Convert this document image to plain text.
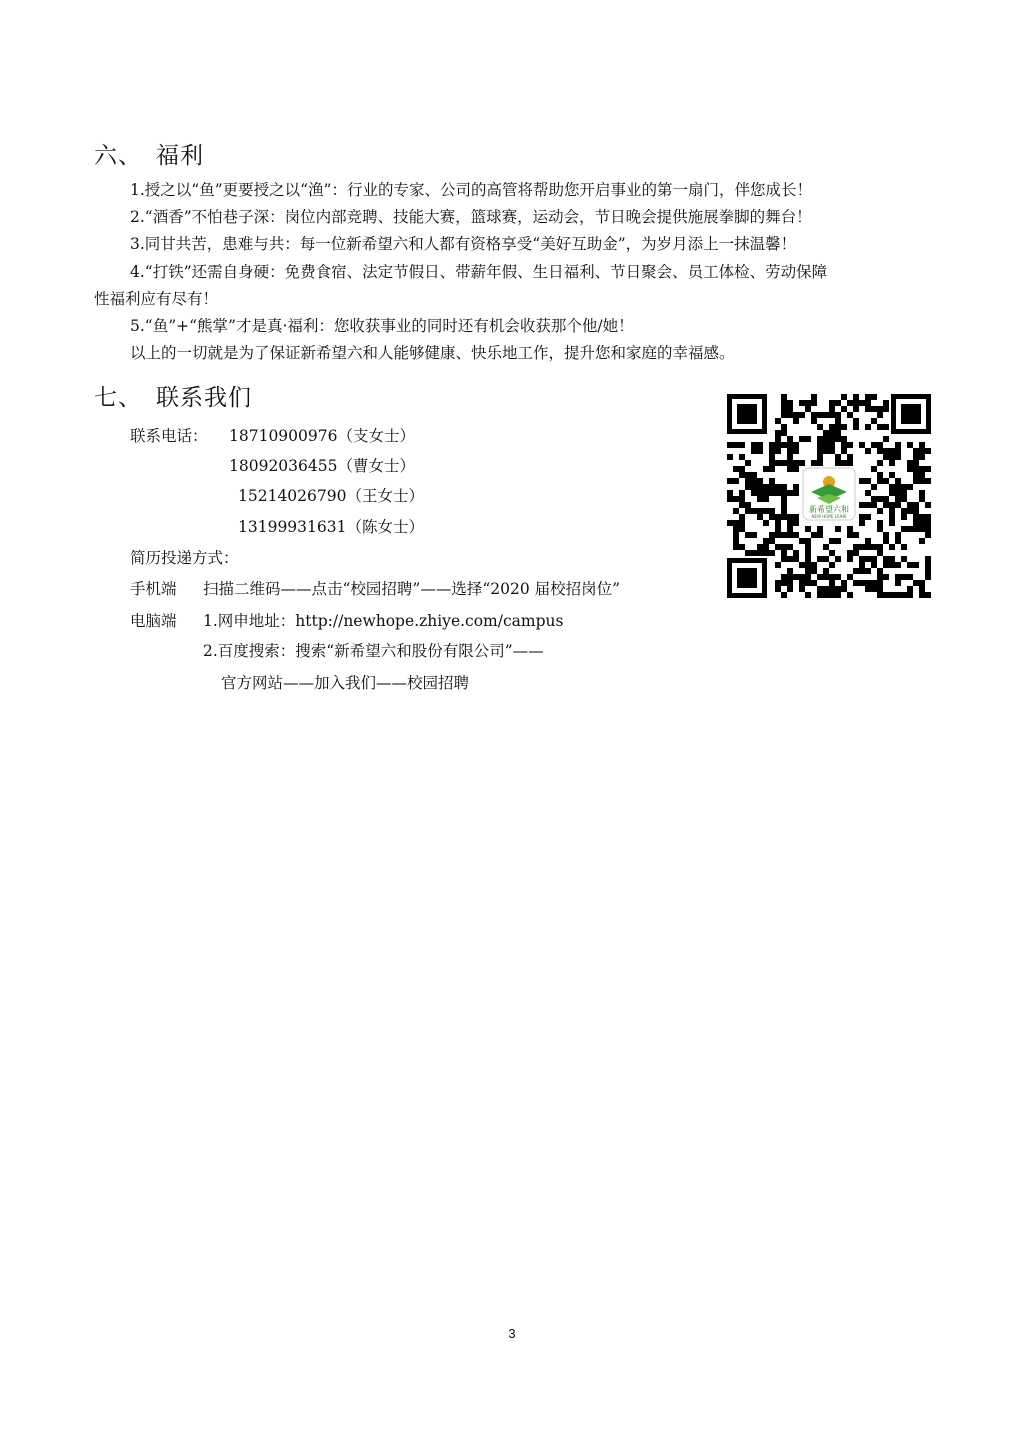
六、 福利
1.授之以“鱼”更要授之以“渔”：行业的专家、公司的高管将帮助您开启事业的第一扇门，伴您成长！
2.“酒香”不怕巷子深：岗位内部竞聘、技能大赛，篮球赛，运动会，节日晚会提供施展拳脚的舞台！
3.同甘共苦，患难与共：每一位新希望六和人都有资格享受“美好互助金”，为岁月添上一抹温馨！
4.“打铁”还需自身硬：免费食宿、法定节假日、带薪年假、生日福利、节日聚会、员工体检、劳动保障
性福利应有尽有！
5.“鱼”+“熊掌”才是真·福利：您收获事业的同时还有机会收获那个他/她！
以上的一切就是为了保证新希望六和人能够健康、快乐地工作，提升您和家庭的幸福感。
七、 联系我们
联系电话： 18710900976（支女士）
18092036455（曹女士）
15214026790（王女士）
13199931631（陈女士）
简历投递方式：
手机端 扫描二维码——点击“校园招聘”——选择“2020 届校招岗位”
电脑端 1.网申地址：http://newhope.zhiye.com/campus
2.百度搜索：搜索“新希望六和股份有限公司”——
官方网站——加入我们——校园招聘
新希望六和
NEW HOPE LIUHE
3
